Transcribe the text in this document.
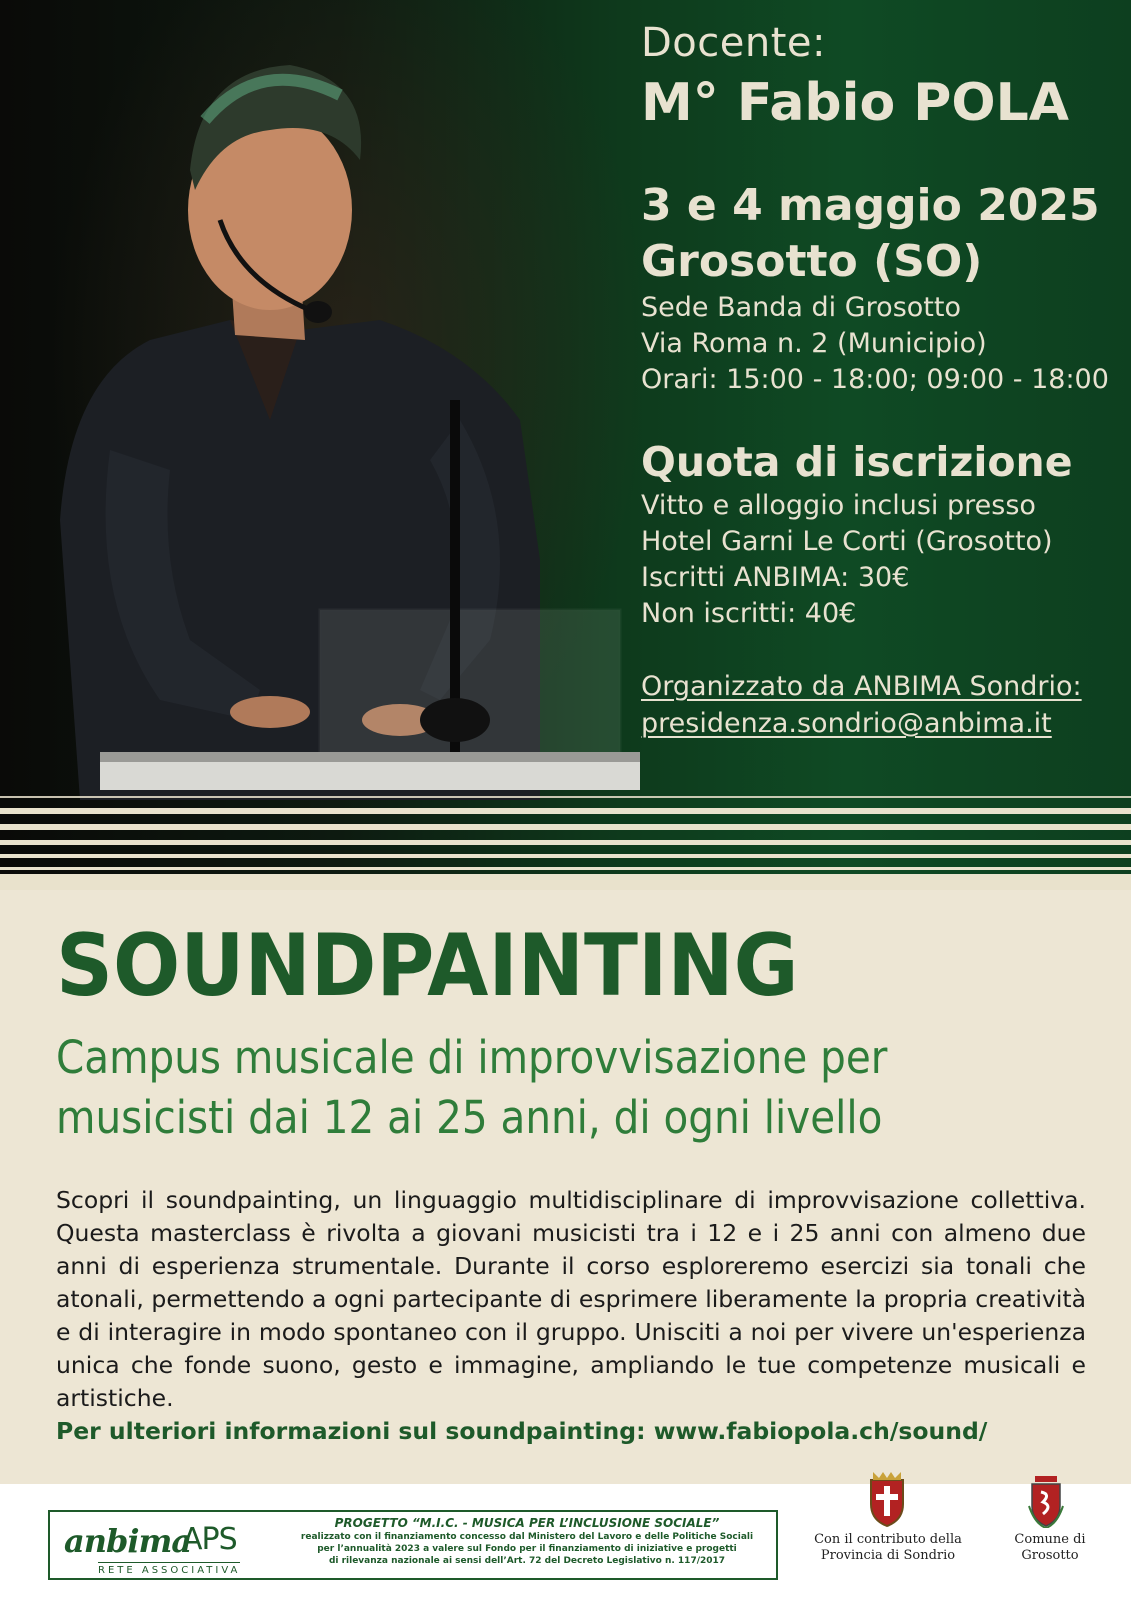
Docente:
M° Fabio POLA
3 e 4 maggio 2025
Grosotto (SO)
Sede Banda di Grosotto
Via Roma n. 2 (Municipio)
Orari: 15:00 - 18:00; 09:00 - 18:00
Quota di iscrizione
Vitto e alloggio inclusi presso
Hotel Garni Le Corti (Grosotto)
Iscritti ANBIMA: 30€
Non iscritti: 40€
Organizzato da ANBIMA Sondrio:
presidenza.sondrio@anbima.it
SOUNDPAINTING
Campus musicale di improvvisazione per
musicisti dai 12 ai 25 anni, di ogni livello
Scopri il soundpainting, un linguaggio multidisciplinare di improvvisazione collettiva. Questa masterclass è rivolta a giovani musicisti tra i 12 e i 25 anni con almeno due anni di esperienza strumentale. Durante il corso esploreremo esercizi sia tonali che atonali, permettendo a ogni partecipante di esprimere liberamente la propria creatività e di interagire in modo spontaneo con il gruppo. Unisciti a noi per vivere un'esperienza unica che fonde suono, gesto e immagine, ampliando le tue competenze musicali e artistiche.
Per ulteriori informazioni sul soundpainting: www.fabiopola.ch/sound/
anbima
APS
RETE ASSOCIATIVA
PROGETTO “M.I.C. - MUSICA PER L’INCLUSIONE SOCIALE”
realizzato con il finanziamento concesso dal Ministero del Lavoro e delle Politiche Sociali
per l’annualità 2023 a valere sul Fondo per il finanziamento di iniziative e progetti
di rilevanza nazionale ai sensi dell’Art. 72 del Decreto Legislativo n. 117/2017
Con il contributo della
Provincia di Sondrio
Comune di
Grosotto
